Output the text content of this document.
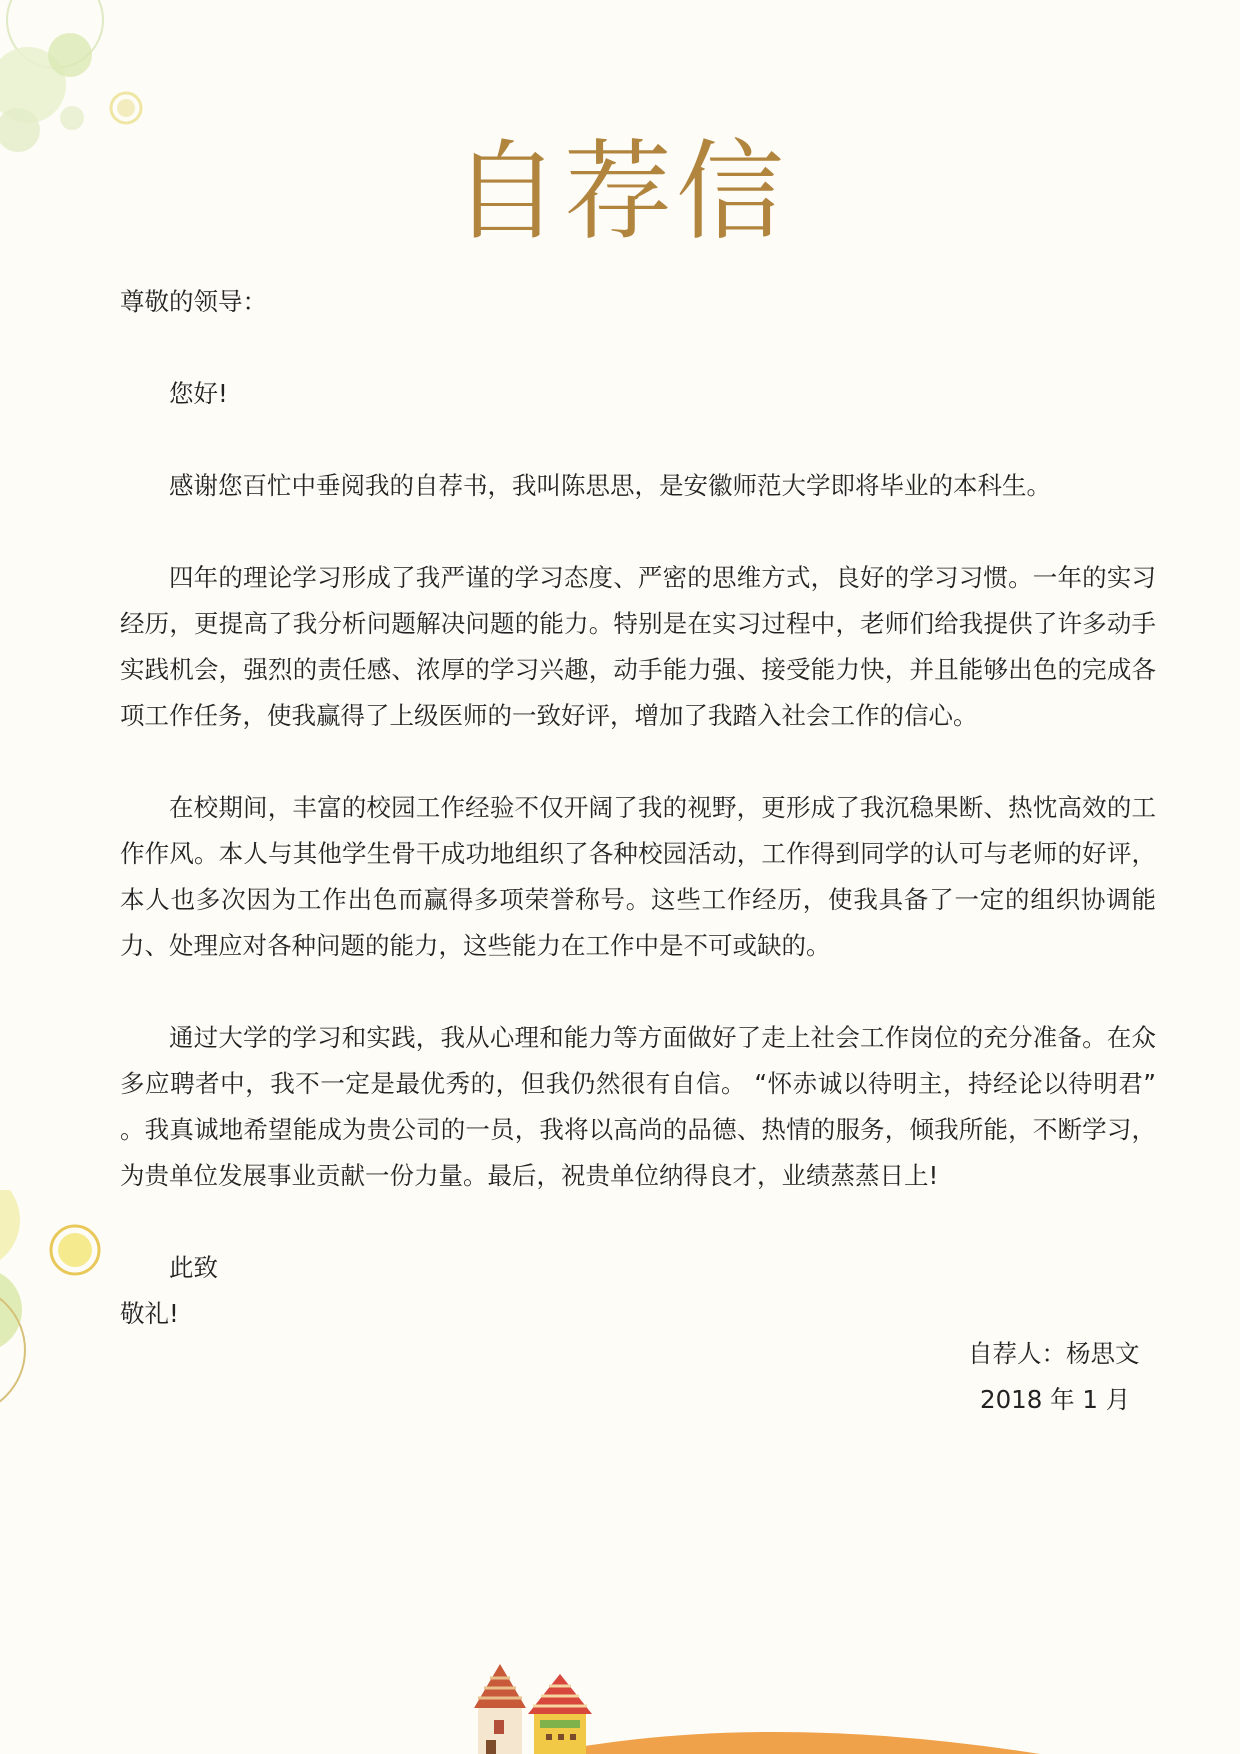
自荐信

尊敬的领导：

您好!

感谢您百忙中垂阅我的自荐书，我叫陈思思，是安徽师范大学即将毕业的本科生。

四年的理论学习形成了我严谨的学习态度、严密的思维方式，良好的学习习惯。一年的实习经历，更提高了我分析问题解决问题的能力。特别是在实习过程中，老师们给我提供了许多动手实践机会，强烈的责任感、浓厚的学习兴趣，动手能力强、接受能力快，并且能够出色的完成各项工作任务，使我赢得了上级医师的一致好评，增加了我踏入社会工作的信心。

在校期间，丰富的校园工作经验不仅开阔了我的视野，更形成了我沉稳果断、热忱高效的工作作风。本人与其他学生骨干成功地组织了各种校园活动，工作得到同学的认可与老师的好评，本人也多次因为工作出色而赢得多项荣誉称号。这些工作经历，使我具备了一定的组织协调能力、处理应对各种问题的能力，这些能力在工作中是不可或缺的。

通过大学的学习和实践，我从心理和能力等方面做好了走上社会工作岗位的充分准备。在众多应聘者中，我不一定是最优秀的，但我仍然很有自信。 “怀赤诚以待明主，持经论以待明君” 。我真诚地希望能成为贵公司的一员，我将以高尚的品德、热情的服务，倾我所能，不断学习，为贵单位发展事业贡献一份力量。最后，祝贵单位纳得良才，业绩蒸蒸日上!

此致

敬礼!

自荐人：杨思文
2018 年 1 月
